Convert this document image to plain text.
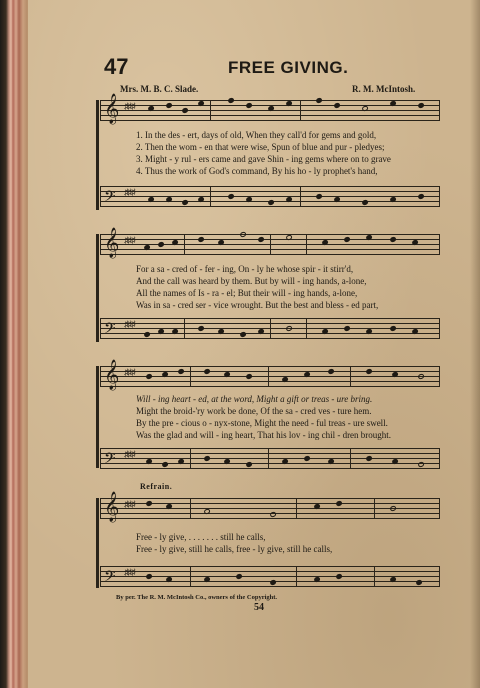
47	FREE GIVING.
Mrs. M. B. C. Slade.	R. M. McIntosh.
𝄞 ♯♯♯
1. In the des - ert, days of old, When they call'd for gems and gold,
2. Then the wom - en that were wise, Spun of blue and pur - pledyes;
3. Might - y rul - ers came and gave Shin - ing gems where on to grave
4. Thus the work of God's command, By his ho - ly prophet's hand,
𝄢 ♯♯♯
𝄞 ♯♯♯
For a sa - cred of - fer - ing, On - ly he whose spir - it stirr'd,
And the call was heard by them. But by will - ing hands, a-lone,
All the names of Is - ra - el; But their will - ing hands, a-lone,
Was in sa - cred ser - vice wrought. But the best and bless - ed part,
𝄢 ♯♯♯
𝄞 ♯♯♯
Will - ing heart - ed, at the word, Might a gift or treas - ure bring.
Might the broid-'ry work be done, Of the sa - cred ves - ture hem.
By the pre - cious o - nyx-stone, Might the need - ful treas - ure swell.
Was the glad and will - ing heart, That his lov - ing chil - dren brought.
𝄢 ♯♯♯
Refrain.
𝄞 ♯♯♯
Free - ly give, . . . . . . . still he calls,
Free - ly give, still he calls, free - ly give, still he calls,
𝄢 ♯♯♯
By per. The R. M. McIntosh Co., owners of the Copyright.
54
